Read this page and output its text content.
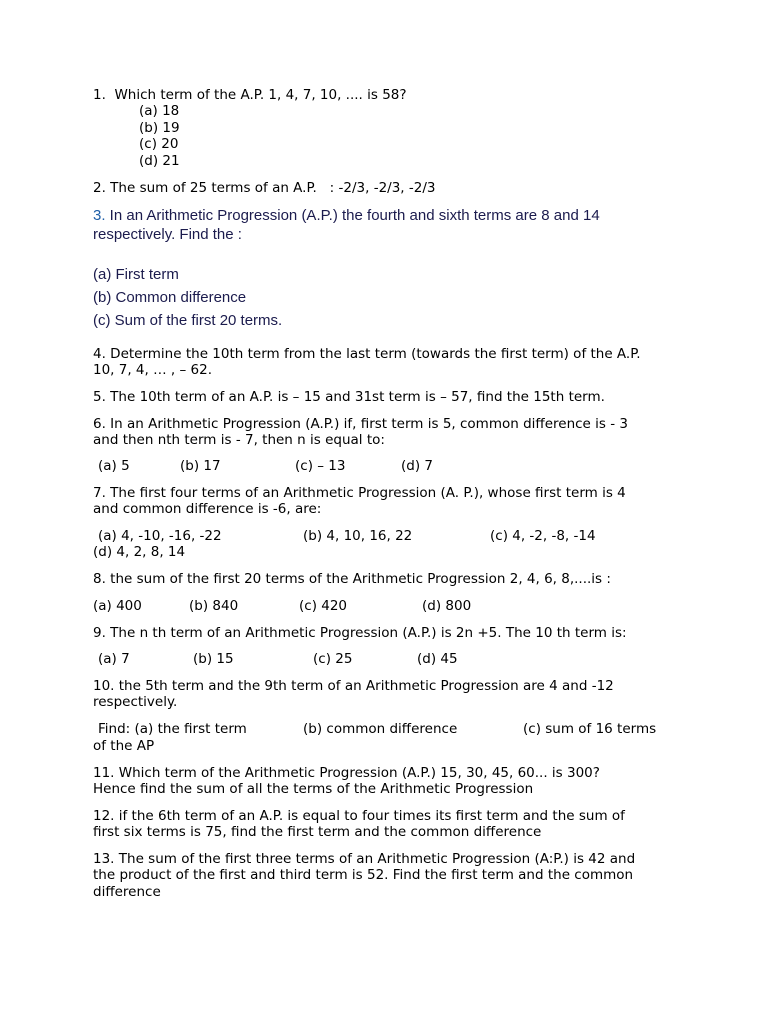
1.  Which term of the A.P. 1, 4, 7, 10, .... is 58?
(a) 18
(b) 19
(c) 20
(d) 21
2. The sum of 25 terms of an A.P.   : -2/3, -2/3, -2/3
3. In an Arithmetic Progression (A.P.) the fourth and sixth terms are 8 and 14
respectively. Find the :
(a) First term
(b) Common difference
(c) Sum of the first 20 terms.
4. Determine the 10th term from the last term (towards the first term) of the A.P.
10, 7, 4, … , – 62.
5. The 10th term of an A.P. is – 15 and 31st term is – 57, find the 15th term.
6. In an Arithmetic Progression (A.P.) if, first term is 5, common difference is - 3
and then nth term is - 7, then n is equal to:
(a) 5	(b) 17	(c) – 13	(d) 7
7. The first four terms of an Arithmetic Progression (A. P.), whose first term is 4
and common difference is -6, are:
(a) 4, -10, -16, -22	(b) 4, 10, 16, 22	(c) 4, -2, -8, -14
(d) 4, 2, 8, 14
8. the sum of the first 20 terms of the Arithmetic Progression 2, 4, 6, 8,....is :
(a) 400	(b) 840	(c) 420	(d) 800
9. The n th term of an Arithmetic Progression (A.P.) is 2n +5. The 10 th term is:
(a) 7	(b) 15	(c) 25	(d) 45
10. the 5th term and the 9th term of an Arithmetic Progression are 4 and -12
respectively.
Find: (a) the first term	(b) common difference	(c) sum of 16 terms
of the AP
11. Which term of the Arithmetic Progression (A.P.) 15, 30, 45, 60... is 300?
Hence find the sum of all the terms of the Arithmetic Progression
12. if the 6th term of an A.P. is equal to four times its first term and the sum of
first six terms is 75, find the first term and the common difference
13. The sum of the first three terms of an Arithmetic Progression (A:P.) is 42 and
the product of the first and third term is 52. Find the first term and the common
difference
